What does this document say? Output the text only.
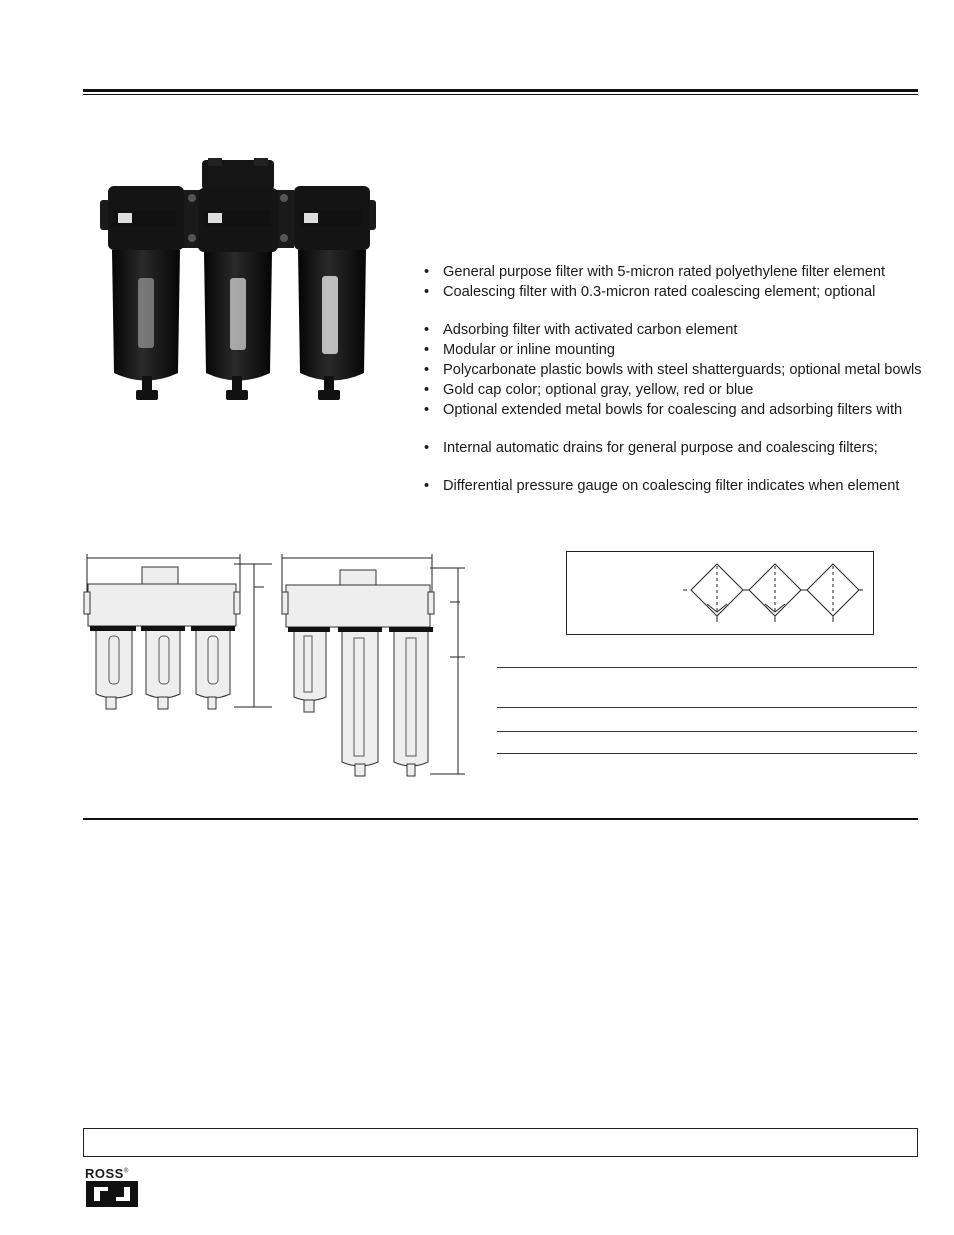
• General purpose filter with 5-micron rated polyethylene filter element
• Coalescing filter with 0.3-micron rated coalescing element; optional
• Adsorbing filter with activated carbon element
• Modular or inline mounting
• Polycarbonate plastic bowls with steel shatterguards; optional metal bowls
• Gold cap color; optional gray, yellow, red or blue
• Optional extended metal bowls for coalescing and adsorbing filters with
• Internal automatic drains for general purpose and coalescing filters;
• Differential pressure gauge on coalescing filter indicates when element
ROSS®
